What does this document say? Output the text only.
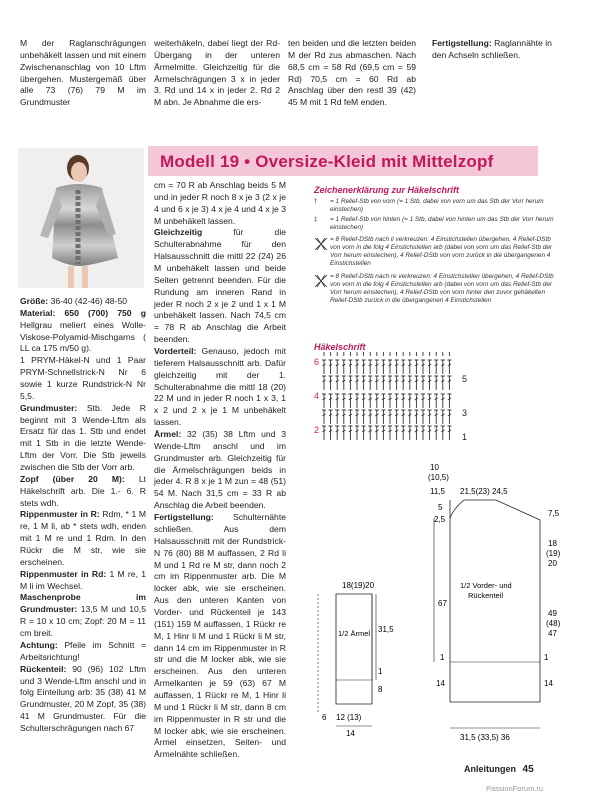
M der Raglanschrägungen unbehäkelt lassen und mit einem Zwischenanschlag von 10 Lftm übergehen. Mustergemäß über alle 73 (76) 79 M im Grundmuster

weiterhäkeln, dabei liegt der Rd-Übergang in der unteren Ärmelmitte. Gleichzeitig für die Ärmelschrägungen 3 x in jeder 3. Rd und 14 x in jeder 2. Rd 2 M abn. Je Abnahme die ers-

ten beiden und die letzten beiden M der Rd zus abmaschen. Nach 68,5 cm = 58 Rd (69,5 cm = 59 Rd) 70,5 cm = 60 Rd ab Anschlag über den restl 39 (42) 45 M mit 1 Rd feM enden.

Fertigstellung: Raglannähte in den Achseln schließen.

Modell 19 • Oversize-Kleid mit Mittelzopf

Größe: 36-40 (42-46) 48-50

Material: 650 (700) 750 g Hellgrau meliert eines Wolle-Viskose-Polyamid-Mischgarns ( LL ca 175 m/50 g).

1 PRYM-Häkel-N und 1 Paar PRYM-Schnellstrick-N Nr 6 sowie 1 kurze Rundstrick-N Nr 5,5.

Grundmuster: Stb. Jede R beginnt mit 3 Wende-Lftm als Ersatz für das 1. Stb und endet mit 1 Stb in die letzte Wende-Lftm der Vorr. Die Stb jeweils zwischen die Stb der Vorr arb.

Zopf (über 20 M): Lt Häkelschrift arb. Die 1.- 6. R stets wdh.

Rippenmuster in R: Rdm, * 1 M re, 1 M li, ab * stets wdh, enden mit 1 M re und 1 Rdm. In den Rückr die M str, wie sie erscheinen.

Rippenmuster in Rd: 1 M re, 1 M li im Wechsel.

Maschenprobe im Grundmuster: 13,5 M und 10,5 R = 10 x 10 cm; Zopf: 20 M = 11 cm breit.

Achtung: Pfeile im Schnitt = Arbeitsrichtung!

Rückenteil: 90 (96) 102 Lftm und 3 Wende-Lftm anschl und in folg Einteilung arb: 35 (38) 41 M Grundmuster, 20 M Zopf, 35 (38) 41 M Grundmuster. Für die Schulterschrägungen nach 67

cm = 70 R ab Anschlag beids 5 M und in jeder R noch 8 x je 3 (2 x je 4 und 6 x je 3) 4 x je 4 und 4 x je 3 M unbehäkelt lassen.

Gleichzeitig	für die Schulterabnahme für den Halsausschnitt die mittl 22 (24) 26 M unbehäkelt lassen und beide Seiten getrennt beenden. Für die Rundung am inneren Rand in jeder R noch 2 x je 2 und 1 x 1 M unbehäkelt lassen. Nach 74,5 cm = 78 R ab Anschlag die Arbeit beenden.

Vorderteil: Genauso, jedoch mit tieferem Halsausschnitt arb. Dafür gleichzeitig mit der 1. Schulterabnahme die mittl 18 (20) 22 M und in jeder R noch 1 x 3, 1 x 2 und 2 x je 1 M unbehäkelt lassen.

Ärmel: 32 (35) 38 Lftm und 3 Wende-Lftm anschl und im Grundmuster arb. Gleichzeitig für die Ärmelschrägungen beids in jeder 4. R 8 x je 1 M zun = 48 (51) 54 M. Nach 31,5 cm = 33 R ab Anschlag die Arbeit beenden.

Fertigstellung: Schulternähte schließen. Aus dem Halsausschnitt mit der Rundstrick-N 76 (80) 88 M auffassen, 2 Rd li M und 1 Rd re M str, dann noch 2 cm im Rippenmuster arb. Die M locker abk, wie sie erscheinen. Aus den unteren Kanten von Vorder- und Rückenteil je 143 (151) 159 M auffassen, 1 Rückr re M, 1 Hinr li M und 1 Rückr li M str, dann 14 cm im Rippenmuster in R str und die M locker abk, wie sie erscheinen. Aus den unteren Ärmelkanten je 59 (63) 67 M auffassen, 1 Rückr re M, 1 Hinr li M und 1 Rückr li M str, dann 8 cm im Rippenmuster in R str und die M locker abk, wie sie erscheinen. Ärmel einsetzen, Seiten- und Ärmelnähte schließen.

Zeichenerklärung zur Häkelschrift
† = 1 Relief-Stb von vorn (= 1 Stb, dabei von vorn um das Stb der Vorr herum einstechen)
‡ = 1 Relief-Stb von hinten (= 1 Stb, dabei von hinten um das Stb der Vorr herum einstechen)
= 8 Relief-DStb nach li verkreuzen: 4 Einstichstellen übergehen, 4 Relief-DStb von vorn in die folg 4 Einstichstellen arb (dabei von vorn um das Relief-Stb der Vorr herum einstechen), 4 Relief-DStb von vorn zurück in die übergangenen 4 Einstichstellen
= 8 Relief-DStb nach re verkreuzen: 4 Einstichstellen übergehen, 4 Relief-DStb von vorn in die folg 4 Einstichstellen arb (dabei von vorn um das Relief-Stb der Vorr herum einstechen), 4 Relief-DStb von vorn hinter den zuvor gehäkelten Relief-DStb zurück in die übergangenen 4 Einstichstellen
Häkelschrift
6
4
2
5
3
1
18(19)20
31,5
1/2 Ärmel
1
8
6 12 (13)
14
10
(10,5)
11,5 21,5(23) 24,5
5
2,5
7,5
18
(19)
20
1/2 Vorder- und
Rückenteil
67
49
(48)
47
1	1
14	14
31,5 (33,5) 36
Anleitungen 45
PassionForum.ru
